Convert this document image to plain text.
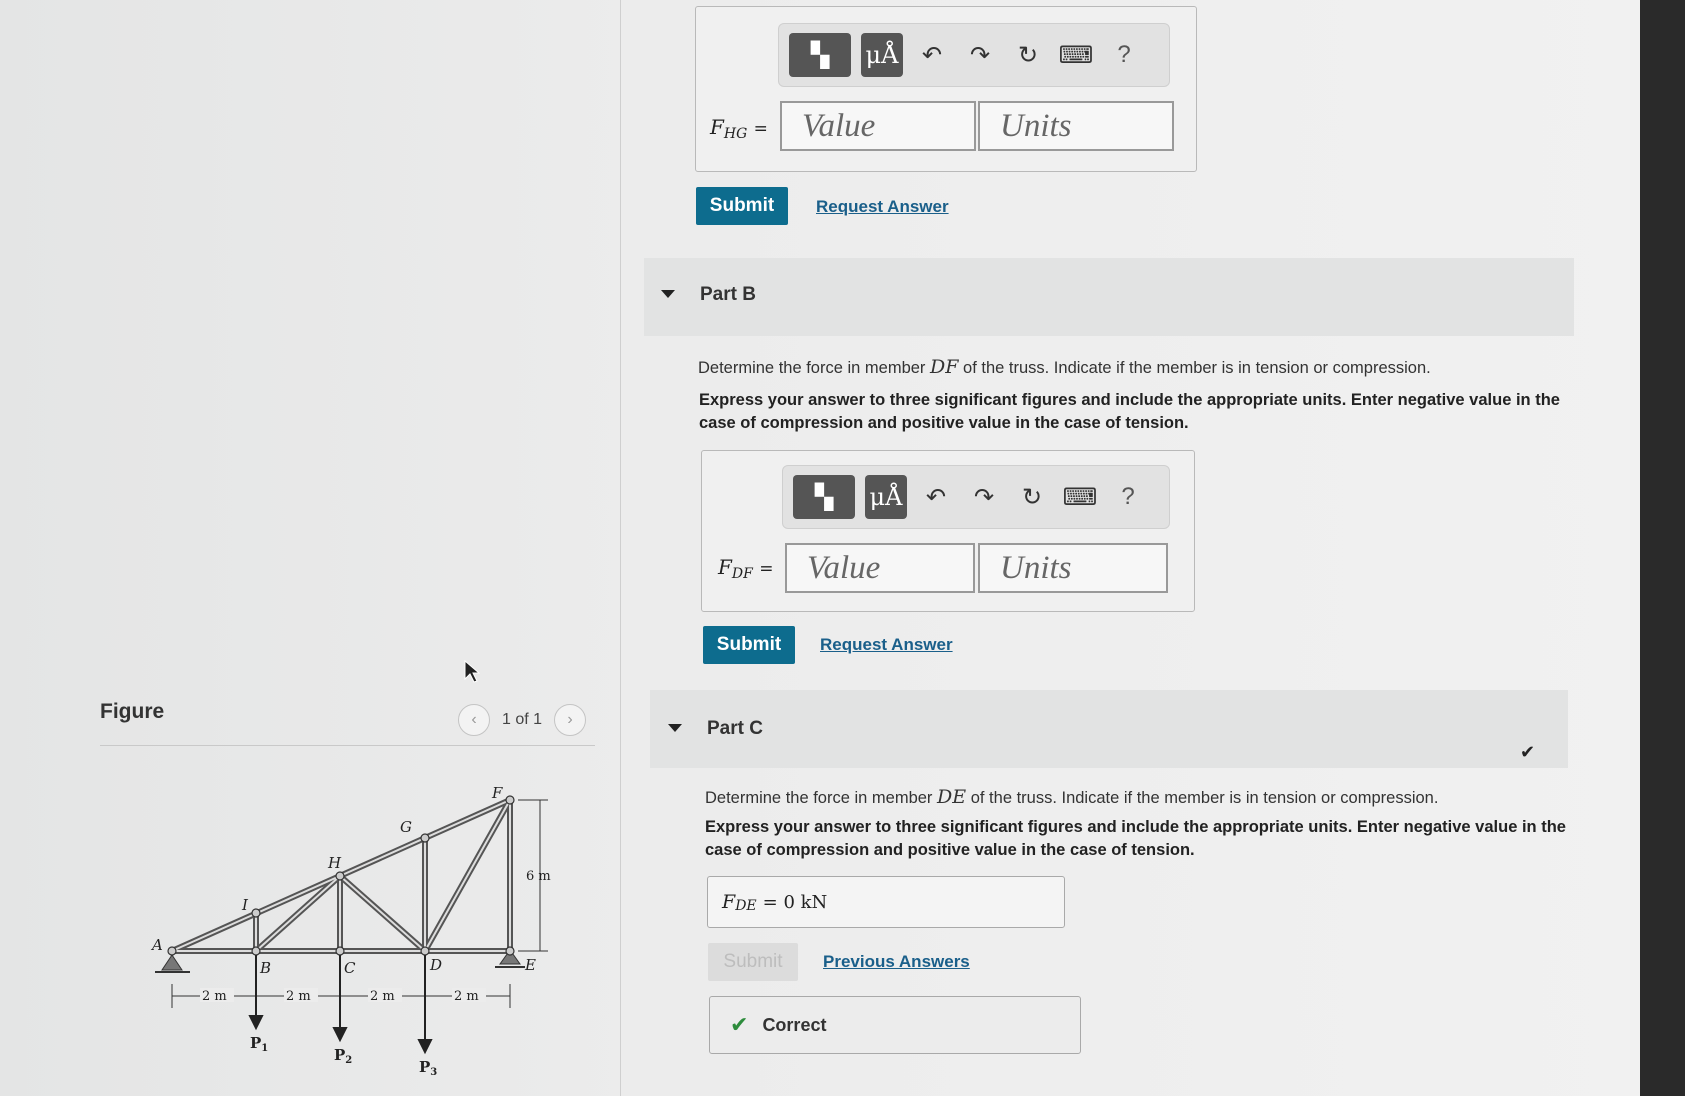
▚	μÅ ↶	↷	↻ ⌨	?
$F_{HG}$ =	Value	Units
Submit	Request Answer
Part B
Determine the force in member DF of the truss. Indicate if the member is in tension or compression.
Express your answer to three significant figures and include the appropriate units. Enter negative value in the case of compression and positive value in the case of tension.
▚	μÅ ↶	↷	↻ ⌨	?
$F_{DF}$ =	Value	Units
Submit	Request Answer
Part C
✔
Determine the force in member DE of the truss. Indicate if the member is in tension or compression.
Express your answer to three significant figures and include the appropriate units. Enter negative value in the case of compression and positive value in the case of tension.
F DE = 0 kN
Submit	Previous Answers
✔ Correct
Figure	‹	1 of 1	›
A
B	C	D	E
F
G
H
I
6 m
2 m	2 m	2 m	2 m
$P_1$	$P_2$	$P_3$
